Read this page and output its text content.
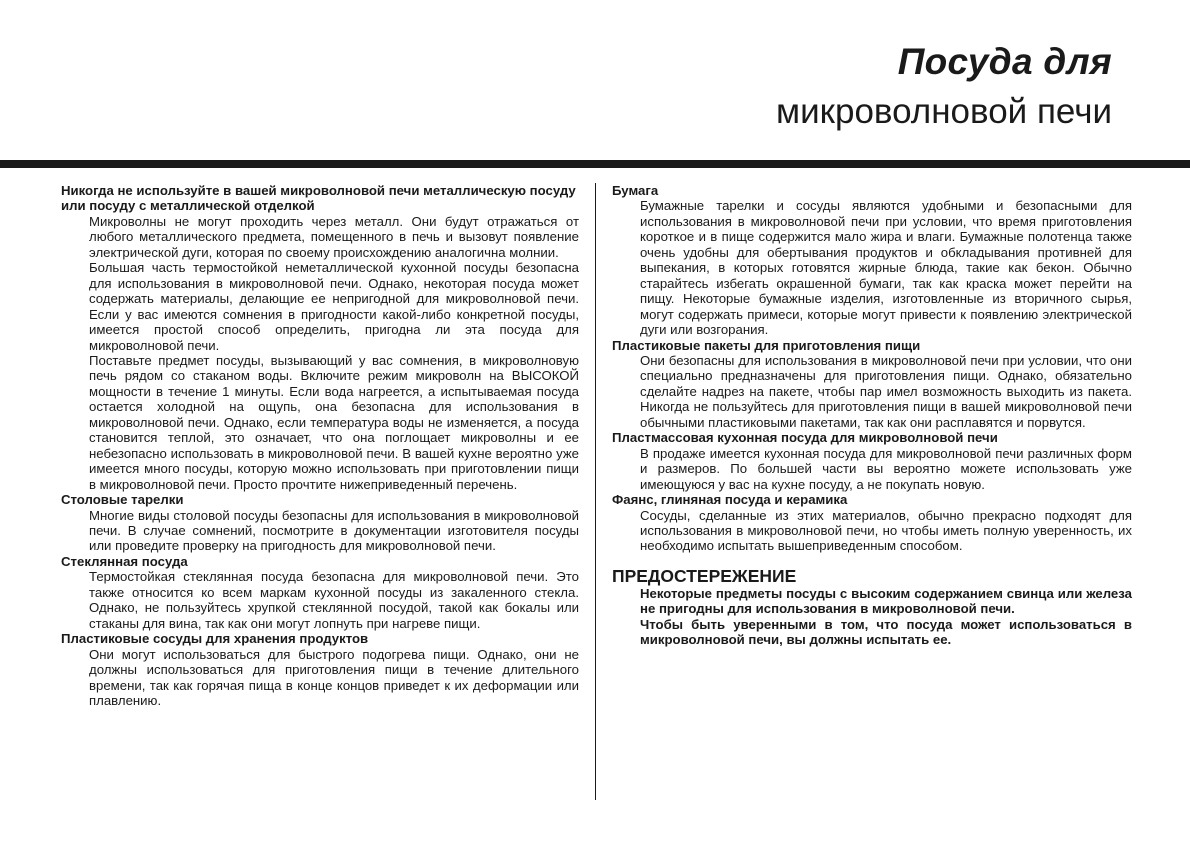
Посуда для
микроволновой печи
Никогда не используйте в вашей микроволновой печи металлическую посуду или посуду с металлической отделкой

Микроволны не могут проходить через металл. Они будут отражаться от любого металлического предмета, помещенного в печь и вызовут появление электрической дуги, которая по своему происхождению аналогична молнии.

Большая часть термостойкой неметаллической кухонной посуды безопасна для использования в микроволновой печи. Однако, некоторая посуда может содержать материалы, делающие ее непригодной для микроволновой печи. Если у вас имеются сомнения в пригодности какой-либо конкретной посуды, имеется простой способ определить, пригодна ли эта посуда для микроволновой печи.

Поставьте предмет посуды, вызывающий у вас сомнения, в микроволновую печь рядом со стаканом воды. Включите режим микроволн на ВЫСОКОЙ мощности в течение 1 минуты. Если вода нагреется, а испытываемая посуда остается холодной на ощупь, она безопасна для использования в микроволновой печи. Однако, если температура воды не изменяется, а посуда становится теплой, это означает, что она поглощает микроволны и ее небезопасно использовать в микроволновой печи. В вашей кухне вероятно уже имеется много посуды, которую можно использовать при приготовлении пищи в микроволновой печи. Просто прочтите нижеприведенный перечень.

Столовые тарелки

Многие виды столовой посуды безопасны для использования в микроволновой печи. В случае сомнений, посмотрите в документации изготовителя посуды или проведите проверку на пригодность для микроволновой печи.

Стеклянная посуда

Термостойкая стеклянная посуда безопасна для микроволновой печи. Это также относится ко всем маркам кухонной посуды из закаленного стекла. Однако, не пользуйтесь хрупкой стеклянной посудой, такой как бокалы или стаканы для вина, так как они могут лопнуть при нагреве пищи.

Пластиковые сосуды для хранения продуктов

Они могут использоваться для быстрого подогрева пищи. Однако, они не должны использоваться для приготовления пищи в течение длительного времени, так как горячая пища в конце концов приведет к их деформации или плавлению.

Бумага

Бумажные тарелки и сосуды являются удобными и безопасными для использования в микроволновой печи при условии, что время приготовления короткое и в пище содержится мало жира и влаги. Бумажные полотенца также очень удобны для обертывания продуктов и обкладывания противней для выпекания, в которых готовятся жирные блюда, такие как бекон. Обычно старайтесь избегать окрашенной бумаги, так как краска может перейти на пищу. Некоторые бумажные изделия, изготовленные из вторичного сырья, могут содержать примеси, которые могут привести к появлению электрической дуги или возгорания.

Пластиковые пакеты для приготовления пищи

Они безопасны для использования в микроволновой печи при условии, что они специально предназначены для приготовления пищи. Однако, обязательно сделайте надрез на пакете, чтобы пар имел возможность выходить из пакета. Никогда не пользуйтесь для приготовления пищи в вашей микроволновой печи обычными пластиковыми пакетами, так как они расплавятся и порвутся.

Пластмассовая кухонная посуда для микроволновой печи

В продаже имеется кухонная посуда для микроволновой печи различных форм и размеров. По большей части вы вероятно можете использовать уже имеющуюся у вас на кухне посуду, а не покупать новую.

Фаянс, глиняная посуда и керамика

Сосуды, сделанные из этих материалов, обычно прекрасно подходят для использования в микроволновой печи, но чтобы иметь полную уверенность, их необходимо испытать вышеприведенным способом.

ПРЕДОСТЕРЕЖЕНИЕ

Некоторые предметы посуды с высоким содержанием свинца или железа не пригодны для использования в микроволновой печи.

Чтобы быть уверенными в том, что посуда может использоваться в микроволновой печи, вы должны испытать ее.
